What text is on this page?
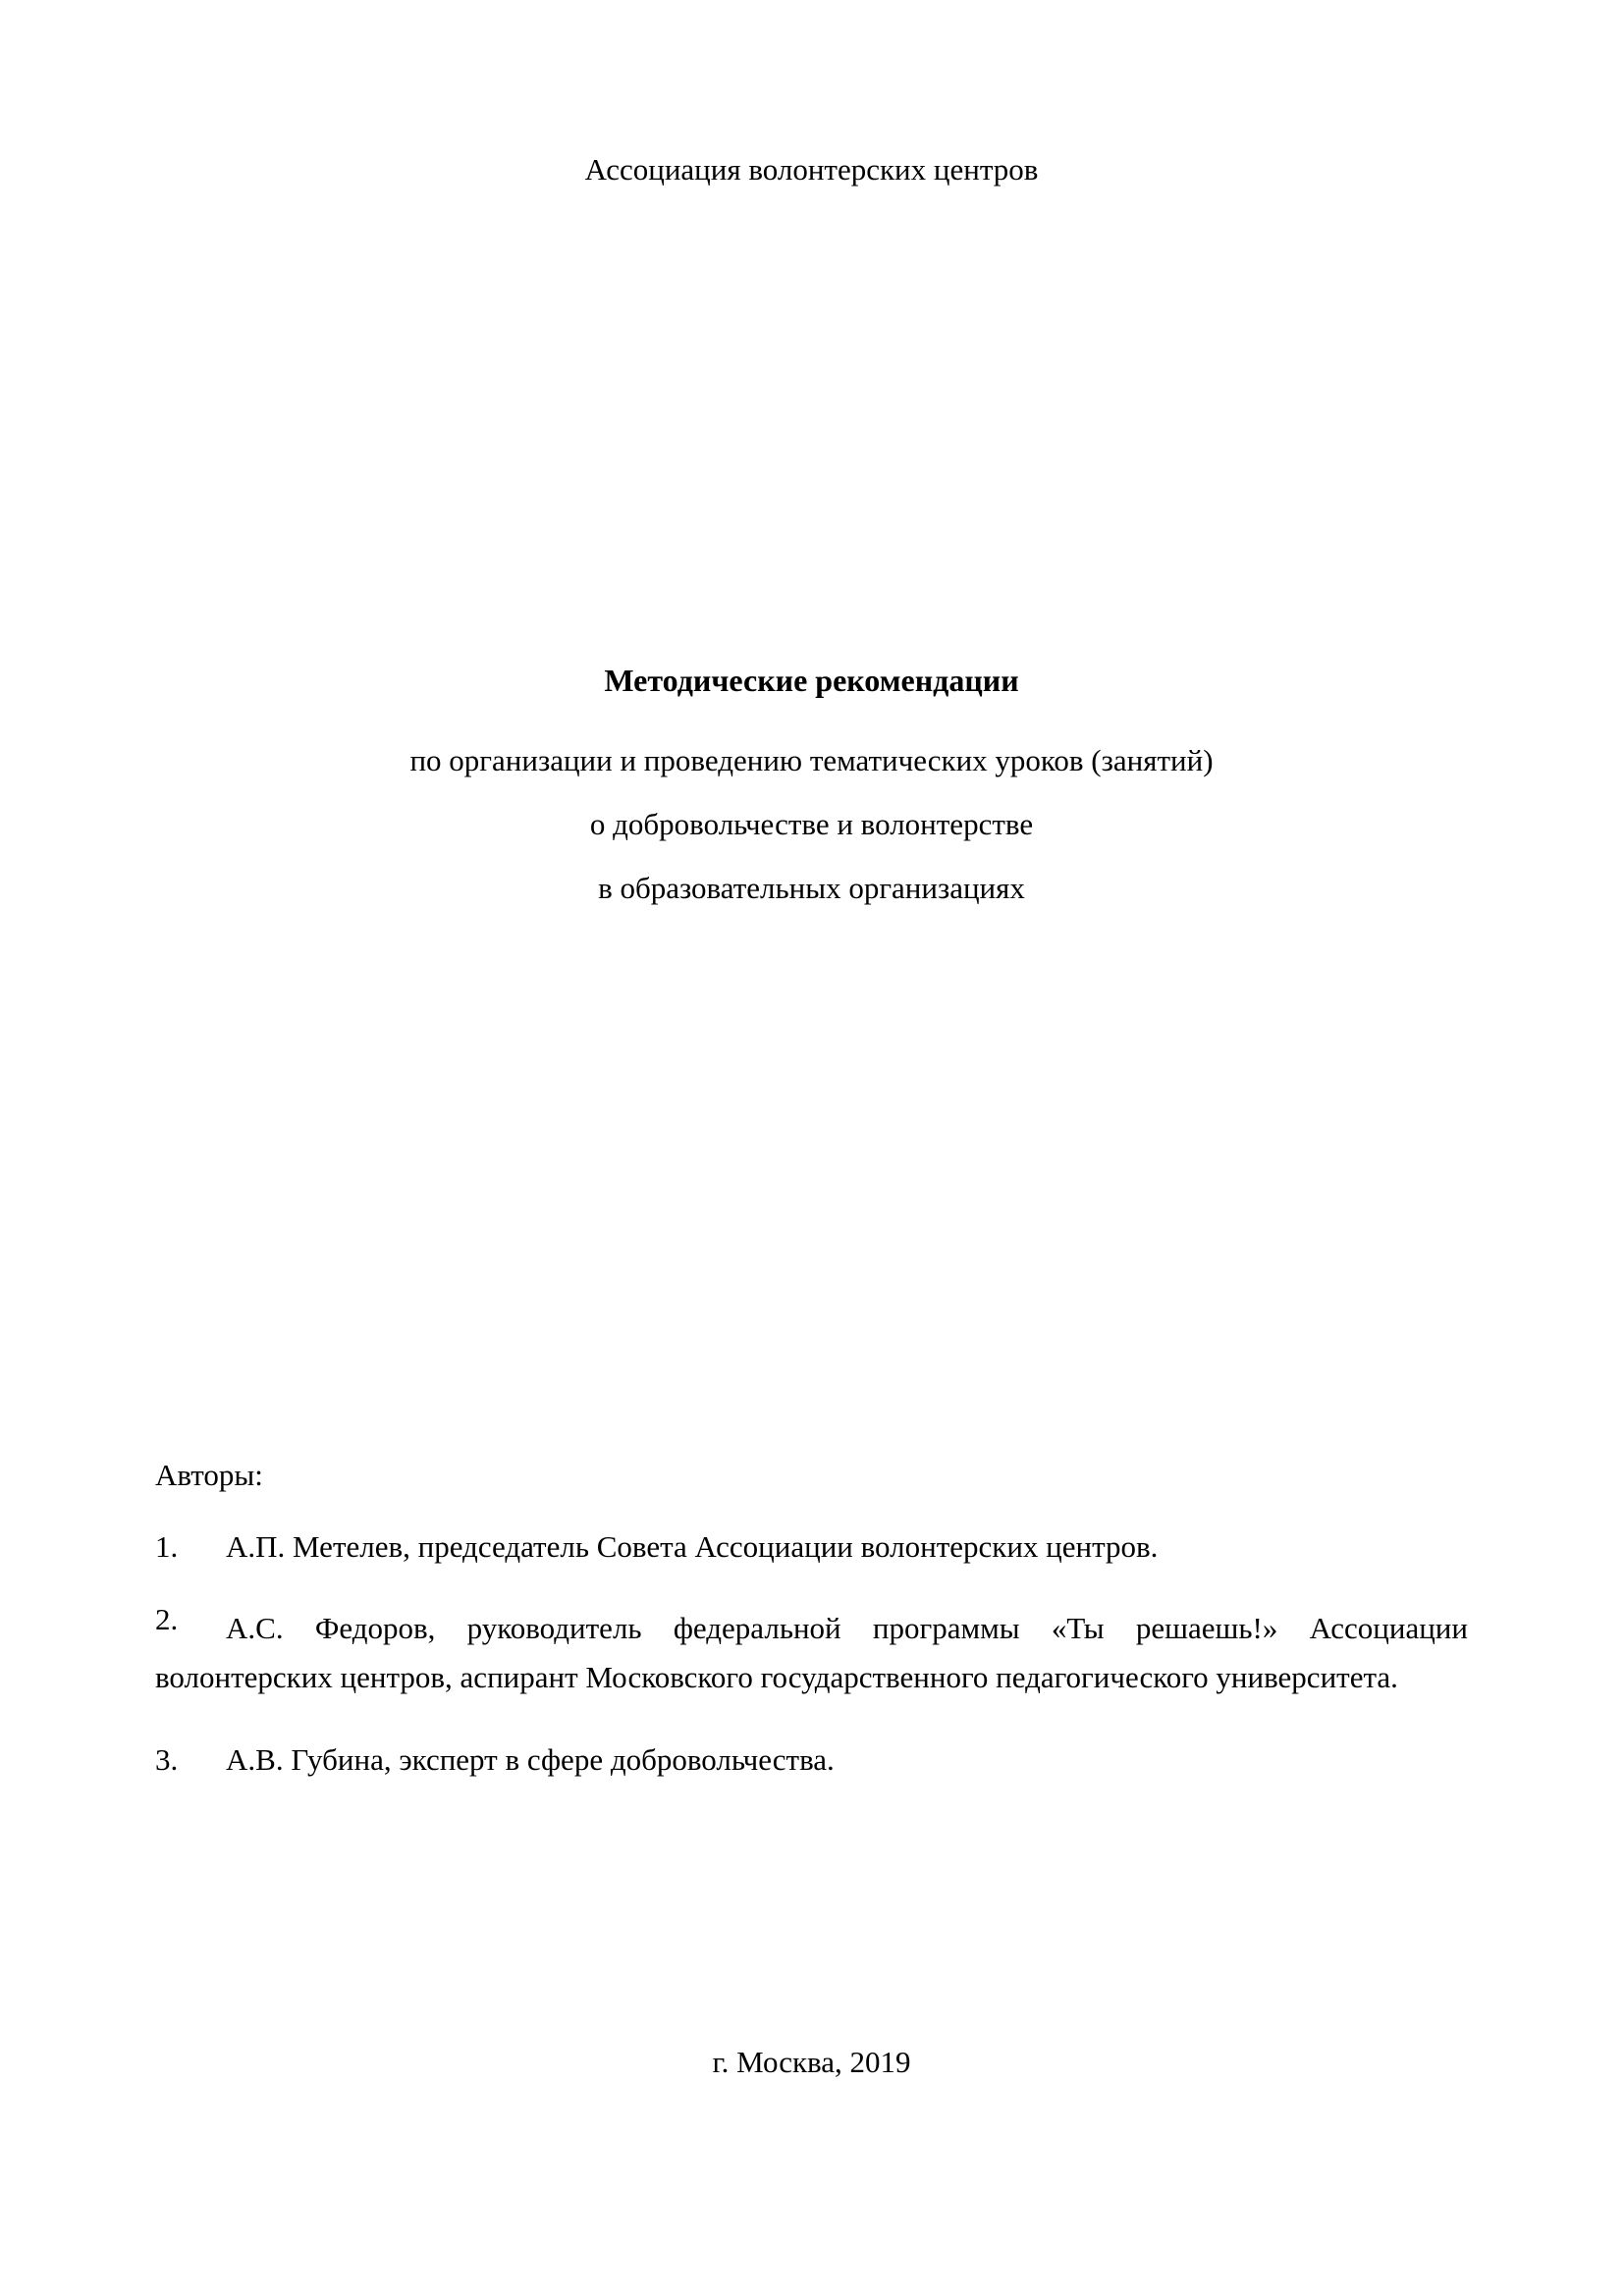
Ассоциация волонтерских центров
Методические рекомендации

по организации и проведению тематических уроков (занятий)

о добровольчестве и волонтерстве

в образовательных организациях

Авторы:

1.	А.П. Метелев, председатель Совета Ассоциации волонтерских центров.
2.	А.С. Федоров, руководитель федеральной программы «Ты решаешь!» Ассоциации волонтерских центров, аспирант Московского государственного педагогического университета.
3.	А.В. Губина, эксперт в сфере добровольчества.
г. Москва, 2019
